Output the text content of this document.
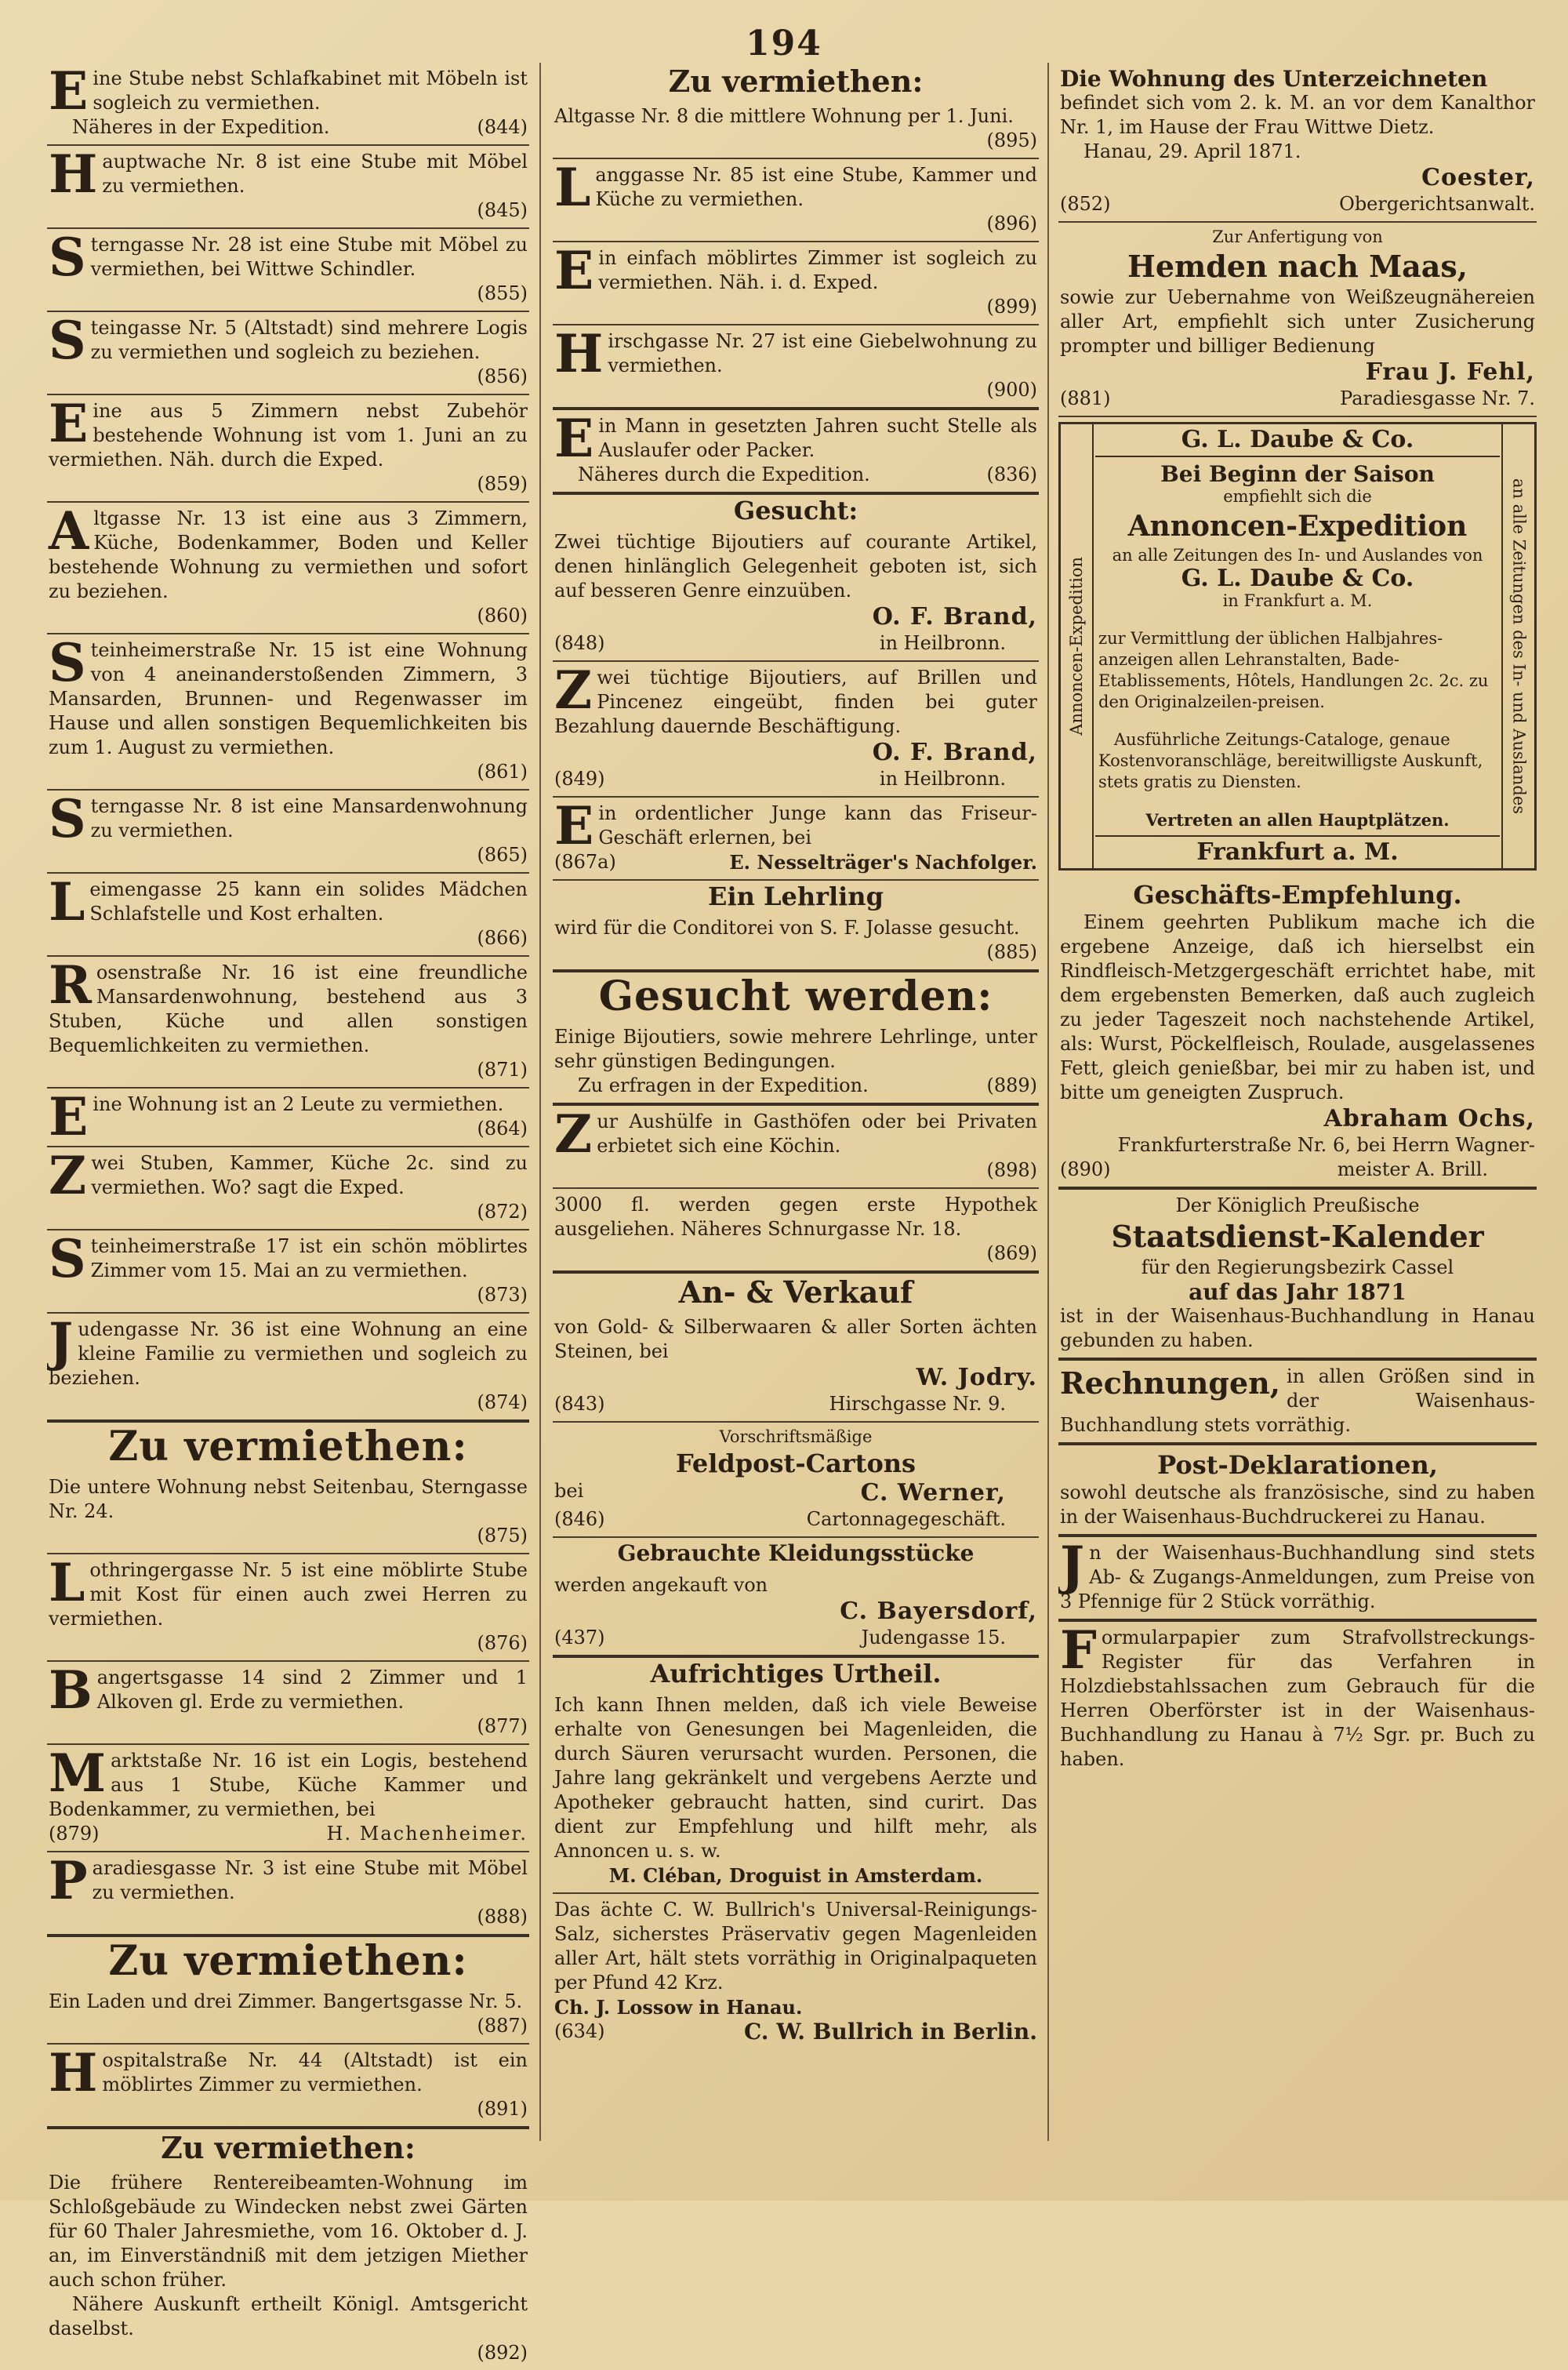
194
E ine Stube nebst Schlafkabinet mit Möbeln ist sogleich zu vermiethen.

Näheres in der Expedition.	(844)
H auptwache Nr. 8 ist eine Stube mit Möbel zu vermiethen.

(845)
S terngasse Nr. 28 ist eine Stube mit Möbel zu vermiethen, bei Wittwe Schindler.

(855)
S teingasse Nr. 5 (Altstadt) sind mehrere Logis zu vermiethen und sogleich zu beziehen.

(856)
E ine aus 5 Zimmern nebst Zubehör bestehende Wohnung ist vom 1. Juni an zu vermiethen. Näh. durch die Exped.

(859)
A ltgasse Nr. 13 ist eine aus 3 Zimmern, Küche, Bodenkammer, Boden und Keller bestehende Wohnung zu vermiethen und sofort zu beziehen.

(860)
S teinheimerstraße Nr. 15 ist eine Wohnung von 4 aneinanderstoßenden Zimmern, 3 Mansarden, Brunnen- und Regenwasser im Hause und allen sonstigen Bequemlichkeiten bis zum 1. August zu vermiethen.

(861)
S terngasse Nr. 8 ist eine Mansardenwohnung zu vermiethen.

(865)
L eimengasse 25 kann ein solides Mädchen Schlafstelle und Kost erhalten.

(866)
R osenstraße Nr. 16 ist eine freundliche Mansardenwohnung, bestehend aus 3 Stuben, Küche und allen sonstigen Bequemlichkeiten zu vermiethen.

(871)
E ine Wohnung ist an 2 Leute zu vermiethen.

(864)
Z wei Stuben, Kammer, Küche 2c. sind zu vermiethen. Wo? sagt die Exped.

(872)
S teinheimerstraße 17 ist ein schön möblirtes Zimmer vom 15. Mai an zu vermiethen.

(873)
J udengasse Nr. 36 ist eine Wohnung an eine kleine Familie zu vermiethen und sogleich zu beziehen.

(874)
Zu vermiethen:

Die untere Wohnung nebst Seitenbau, Sterngasse Nr. 24.

(875)
L othringergasse Nr. 5 ist eine möblirte Stube mit Kost für einen auch zwei Herren zu vermiethen.

(876)
B angertsgasse 14 sind 2 Zimmer und 1 Alkoven gl. Erde zu vermiethen.

(877)
M arktstaße Nr. 16 ist ein Logis, bestehend aus 1 Stube, Küche Kammer und Bodenkammer, zu vermiethen, bei

(879)	H. Machenheimer.
P aradiesgasse Nr. 3 ist eine Stube mit Möbel zu vermiethen.

(888)
Zu vermiethen:

Ein Laden und drei Zimmer. Bangertsgasse Nr. 5.

(887)
H ospitalstraße Nr. 44 (Altstadt) ist ein möblirtes Zimmer zu vermiethen.

(891)
Zu vermiethen:

Die frühere Rentereibeamten-Wohnung im Schloßgebäude zu Windecken nebst zwei Gärten für 60 Thaler Jahresmiethe, vom 16. Oktober d. J. an, im Einverständniß mit dem jetzigen Miether auch schon früher.

Nähere Auskunft ertheilt Königl. Amtsgericht daselbst.

(892)
Zu vermiethen:

Altgasse Nr. 8 die mittlere Wohnung per 1. Juni.

(895)
L anggasse Nr. 85 ist eine Stube, Kammer und Küche zu vermiethen.

(896)
E in einfach möblirtes Zimmer ist sogleich zu vermiethen. Näh. i. d. Exped.

(899)
H irschgasse Nr. 27 ist eine Giebelwohnung zu vermiethen.

(900)
E in Mann in gesetzten Jahren sucht Stelle als Auslaufer oder Packer.

Näheres durch die Expedition.	(836)
Gesucht:

Zwei tüchtige Bijoutiers auf courante Artikel, denen hinlänglich Gelegenheit geboten ist, sich auf besseren Genre einzuüben.

O. F. Brand,
(848)	in Heilbronn.
Z wei tüchtige Bijoutiers, auf Brillen und Pincenez eingeübt, finden bei guter Bezahlung dauernde Beschäftigung.

O. F. Brand,
(849)	in Heilbronn.
E in ordentlicher Junge kann das Friseur-Geschäft erlernen, bei

(867a)	E. Nesselträger's Nachfolger.
Ein Lehrling

wird für die Conditorei von S. F. Jolasse gesucht.

(885)
Gesucht werden:

Einige Bijoutiers, sowie mehrere Lehrlinge, unter sehr günstigen Bedingungen.

Zu erfragen in der Expedition.	(889)
Z ur Aushülfe in Gasthöfen oder bei Privaten erbietet sich eine Köchin.

(898)

3000 fl. werden gegen erste Hypothek ausgeliehen. Näheres Schnurgasse Nr. 18.

(869)
An- & Verkauf

von Gold- & Silberwaaren & aller Sorten ächten Steinen, bei

W. Jodry.
(843)	Hirschgasse Nr. 9.
Vorschriftsmäßige
Feldpost-Cartons
bei	C. Werner,
(846)	Cartonnagegeschäft.
Gebrauchte Kleidungsstücke

werden angekauft von

C. Bayersdorf,
(437)	Judengasse 15.
Aufrichtiges Urtheil.

Ich kann Ihnen melden, daß ich viele Beweise erhalte von Genesungen bei Magenleiden, die durch Säuren verursacht wurden. Personen, die Jahre lang gekränkelt und vergebens Aerzte und Apotheker gebraucht hatten, sind curirt. Das dient zur Empfehlung und hilft mehr, als Annoncen u. s. w.

M. Cléban, Droguist in Amsterdam.

Das ächte C. W. Bullrich's Universal-Reinigungs-Salz, sicherstes Präservativ gegen Magenleiden aller Art, hält stets vorräthig in Originalpaqueten per Pfund 42 Krz.

Ch. J. Lossow in Hanau.
(634)	C. W. Bullrich in Berlin.
Die Wohnung des Unterzeichneten

befindet sich vom 2. k. M. an vor dem Kanalthor Nr. 1, im Hause der Frau Wittwe Dietz.

Hanau, 29. April 1871.
Coester,
(852)	Obergerichtsanwalt.
Zur Anfertigung von
Hemden nach Maas,

sowie zur Uebernahme von Weißzeugnähereien aller Art, empfiehlt sich unter Zusicherung prompter und billiger Bedienung

Frau J. Fehl,
(881)	Paradiesgasse Nr. 7.
Annoncen-Expedition	an alle Zeitungen des In- und Auslandes
G. L. Daube & Co.
Bei Beginn der Saison
empfiehlt sich die
Annoncen-Expedition
an alle Zeitungen des In- und Auslandes von
G. L. Daube & Co.
in Frankfurt a. M.

zur Vermittlung der üblichen Halbjahres-anzeigen allen Lehranstalten, Bade-Etablissements, Hôtels, Handlungen 2c. 2c. zu den Originalzeilen-preisen.

Ausführliche Zeitungs-Cataloge, genaue Kostenvoranschläge, bereitwilligste Auskunft, stets gratis zu Diensten.

Vertreten an allen Hauptplätzen.
Frankfurt a. M.
Geschäfts-Empfehlung.

Einem geehrten Publikum mache ich die ergebene Anzeige, daß ich hierselbst ein Rindfleisch-Metzgergeschäft errichtet habe, mit dem ergebensten Bemerken, daß auch zugleich zu jeder Tageszeit noch nachstehende Artikel, als: Wurst, Pöckelfleisch, Roulade, ausgelassenes Fett, gleich genießbar, bei mir zu haben ist, und bitte um geneigten Zuspruch.

Abraham Ochs,
Frankfurterstraße Nr. 6, bei Herrn Wagner-
(890)	meister A. Brill.
Der Königlich Preußische
Staatsdienst-Kalender
für den Regierungsbezirk Cassel
auf das Jahr 1871

ist in der Waisenhaus-Buchhandlung in Hanau gebunden zu haben.

Rechnungen, in allen Größen sind in der Waisenhaus-Buchhandlung stets vorräthig.

Post-Deklarationen,

sowohl deutsche als französische, sind zu haben in der Waisenhaus-Buchdruckerei zu Hanau.

J n der Waisenhaus-Buchhandlung sind stets Ab- & Zugangs-Anmeldungen, zum Preise von 3 Pfennige für 2 Stück vorräthig.

F ormularpapier zum Strafvollstreckungs-Register für das Verfahren in Holzdiebstahlssachen zum Gebrauch für die Herren Oberförster ist in der Waisenhaus-Buchhandlung zu Hanau à 7½ Sgr. pr. Buch zu haben.
